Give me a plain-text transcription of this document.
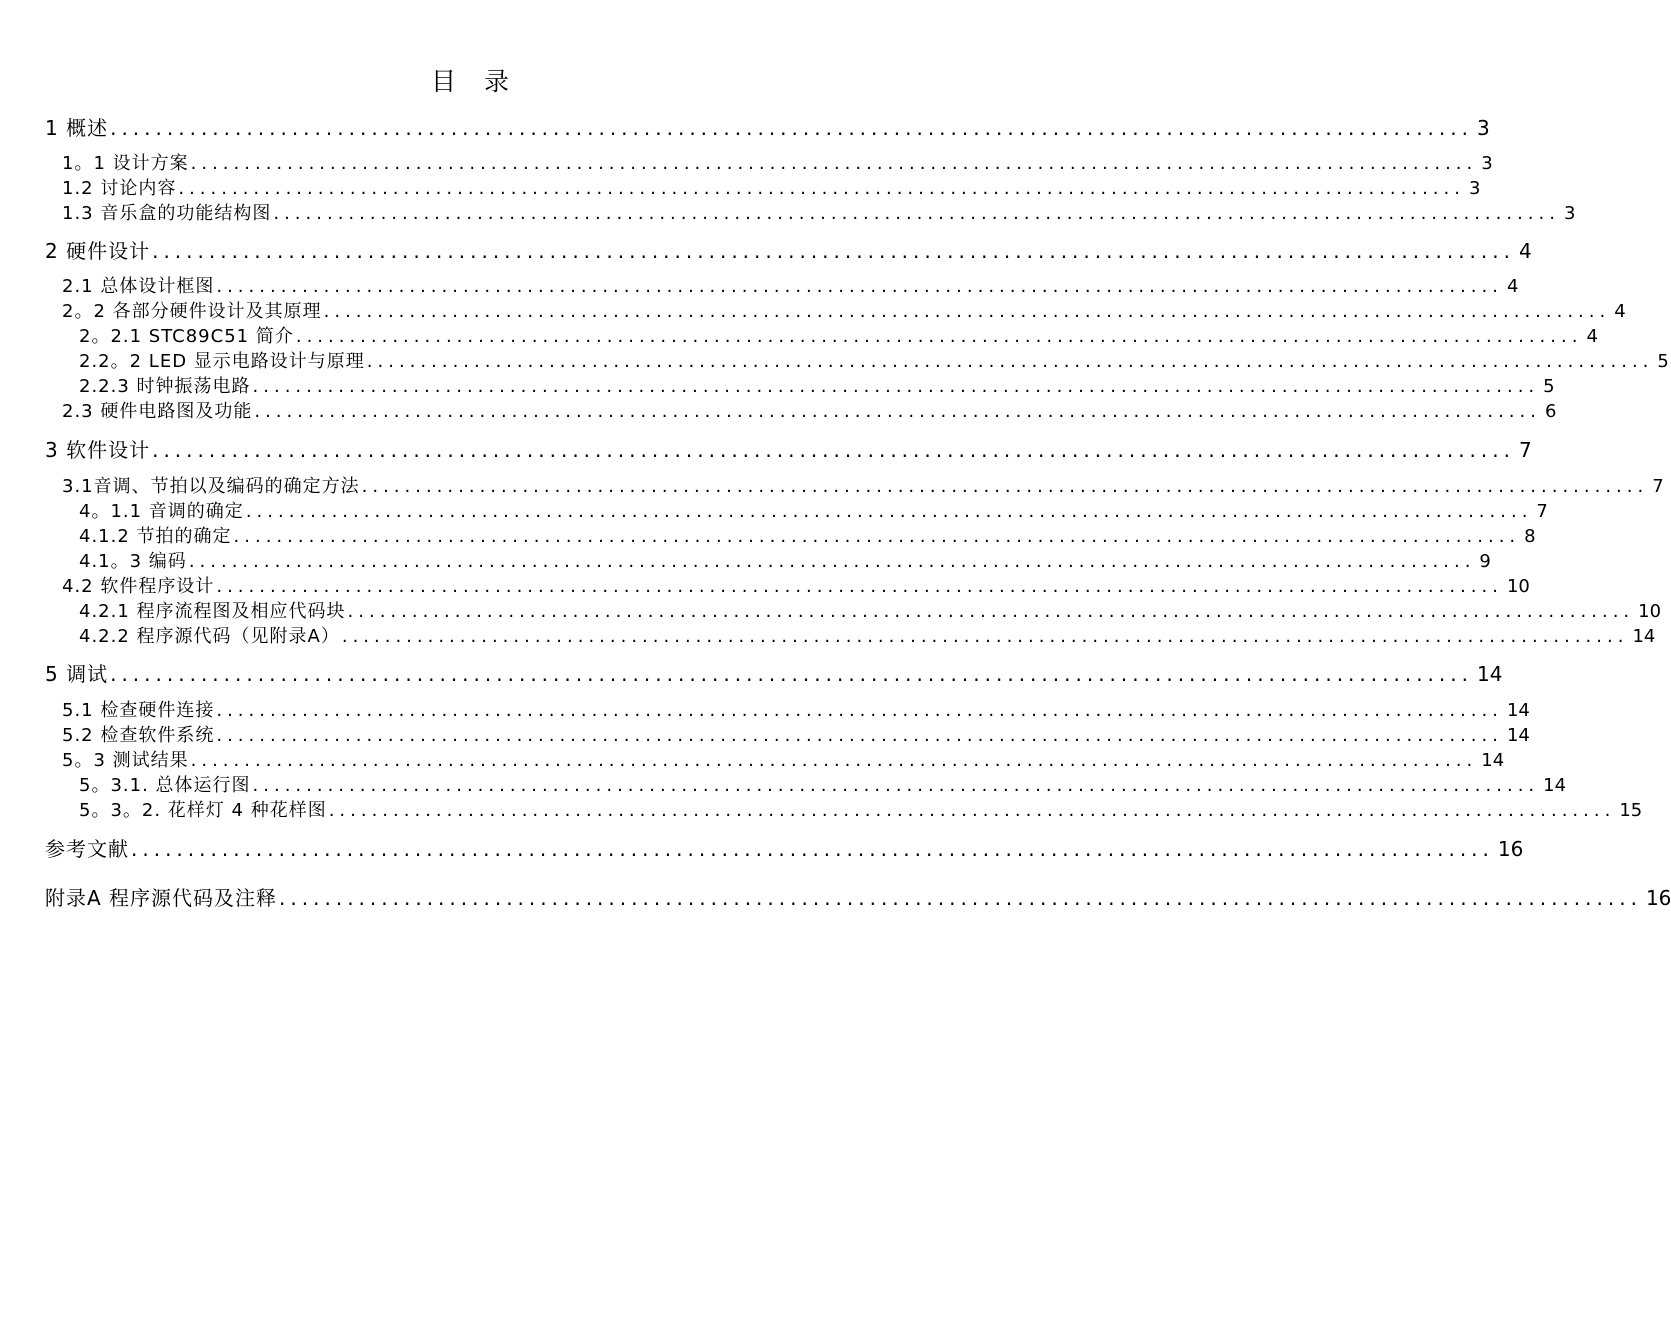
目 录
1 概述 ........................................................................................................................ 3
1。1 设计方案 ........................................................................................................................ 3
1.2 讨论内容 ........................................................................................................................ 3
1.3 音乐盒的功能结构图 ........................................................................................................................ 3
2 硬件设计 ........................................................................................................................ 4
2.1 总体设计框图 ........................................................................................................................ 4
2。2 各部分硬件设计及其原理 ........................................................................................................................ 4
2。2.1 STC89C51 简介 ........................................................................................................................ 4
2.2。2 LED 显示电路设计与原理 ........................................................................................................................ 5
2.2.3 时钟振荡电路 ........................................................................................................................ 5
2.3 硬件电路图及功能 ........................................................................................................................ 6
3 软件设计 ........................................................................................................................ 7
3.1音调、节拍以及编码的确定方法 ........................................................................................................................ 7
4。1.1 音调的确定 ........................................................................................................................ 7
4.1.2 节拍的确定 ........................................................................................................................ 8
4.1。3 编码 ........................................................................................................................ 9
4.2 软件程序设计 ........................................................................................................................ 10
4.2.1 程序流程图及相应代码块 ........................................................................................................................ 10
4.2.2 程序源代码（见附录A） ........................................................................................................................ 14
5 调试 ........................................................................................................................ 14
5.1 检查硬件连接 ........................................................................................................................ 14
5.2 检查软件系统 ........................................................................................................................ 14
5。3 测试结果 ........................................................................................................................ 14
5。3.1. 总体运行图 ........................................................................................................................ 14
5。3。2. 花样灯 4 种花样图 ........................................................................................................................ 15
参考文献 ........................................................................................................................ 16
附录A 程序源代码及注释 ........................................................................................................................ 16
